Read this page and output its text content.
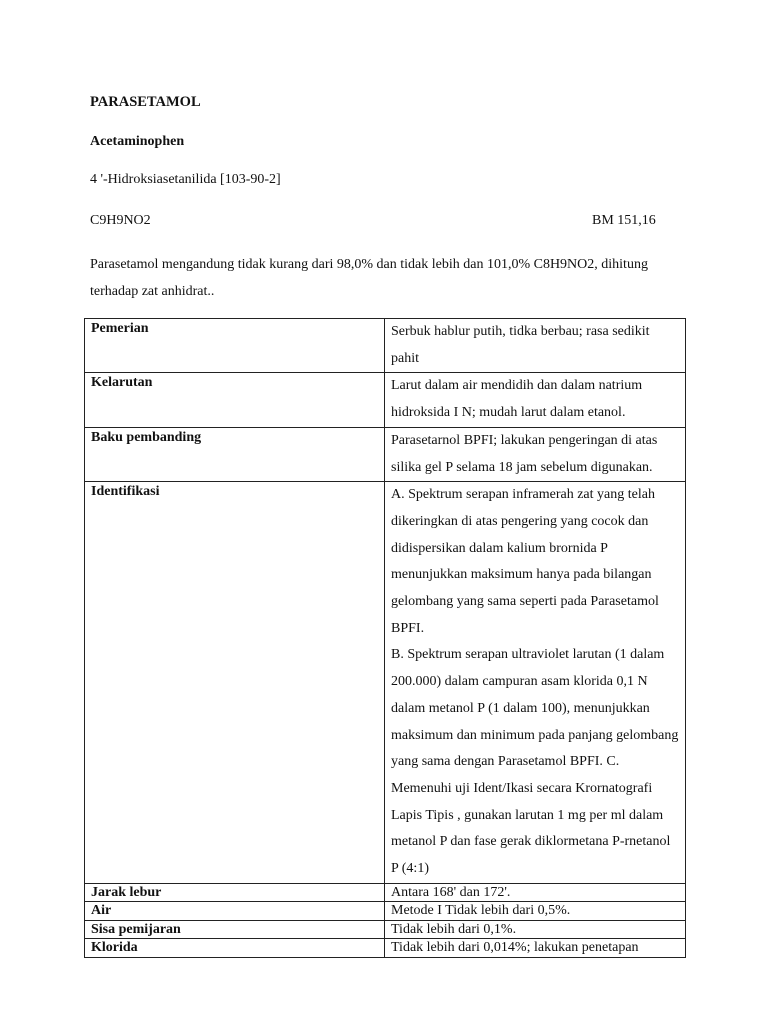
PARASETAMOL
Acetaminophen
4 '-Hidroksiasetanilida [103-90-2]
C9H9NO2	BM 151,16
Parasetamol mengandung tidak kurang dari 98,0% dan tidak lebih dan 101,0% C8H9NO2, dihitung terhadap zat anhidrat..
Pemerian	Serbuk hablur putih, tidka berbau; rasa sedikit pahit
Kelarutan	Larut dalam air mendidih dan dalam natrium hidroksida I N; mudah larut dalam etanol.
Baku pembanding	Parasetarnol BPFI; lakukan pengeringan di atas silika gel P selama 18 jam sebelum digunakan.
Identifikasi	A. Spektrum serapan inframerah zat yang telah dikeringkan di atas pengering yang cocok dan didispersikan dalam kalium brornida P menunjukkan maksimum hanya pada bilangan gelombang yang sama seperti pada Parasetamol BPFI.
B. Spektrum serapan ultraviolet larutan (1 dalam 200.000) dalam campuran asam klorida 0,1 N dalam metanol P (1 dalam 100), menunjukkan maksimum dan minimum pada panjang gelombang yang sama dengan Parasetamol BPFI. C. Memenuhi uji Ident/Ikasi secara Krornatografi Lapis Tipis , gunakan larutan 1 mg per ml dalam metanol P dan fase gerak diklormetana P-rnetanol P (4:1)

Jarak lebur	Antara 168' dan 172'.
Air	Metode I Tidak lebih dari 0,5%.
Sisa pemijaran	Tidak lebih dari 0,1%.
Klorida	Tidak lebih dari 0,014%; lakukan penetapan
